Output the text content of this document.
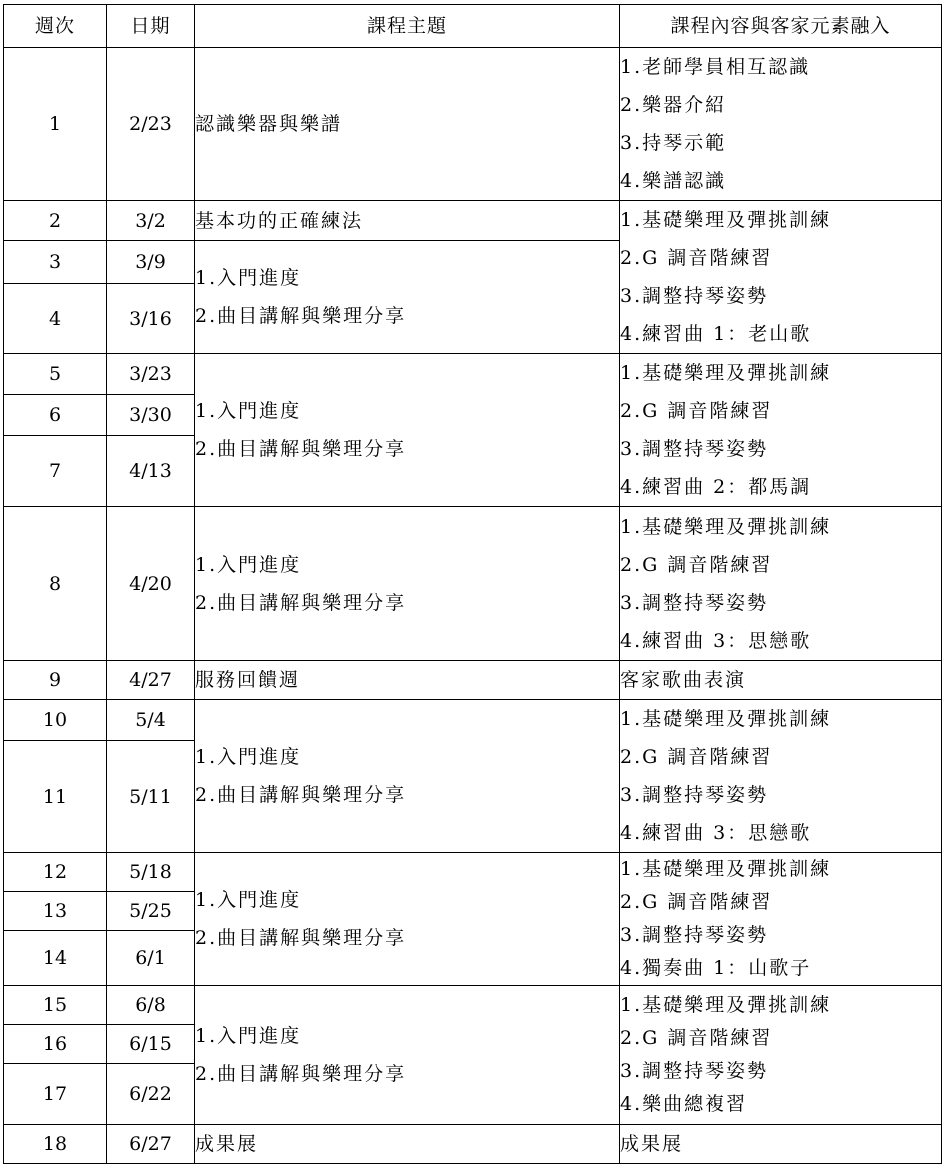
週次	日期	課程主題	課程內容與客家元素融入
1	2/23	認識樂器與樂譜	1.老師學員相互認識
2.樂器介紹
3.持琴示範
4.樂譜認識

2	3/2	基本功的正確練法	1.基礎樂理及彈挑訓練
2.G 調音階練習
3.調整持琴姿勢
4.練習曲 1：老山歌

3	3/9	1.入門進度
2.曲目講解與樂理分享	

4	3/16		
5	3/23	1.入門進度
2.曲目講解與樂理分享	1.基礎樂理及彈挑訓練
2.G 調音階練習
3.調整持琴姿勢
4.練習曲 2：都馬調

6	3/30		
7	4/13		
8	4/20	1.入門進度
2.曲目講解與樂理分享	1.基礎樂理及彈挑訓練
2.G 調音階練習
3.調整持琴姿勢
4.練習曲 3：思戀歌

9	4/27	服務回饋週	客家歌曲表演

10	5/4	1.入門進度
2.曲目講解與樂理分享	1.基礎樂理及彈挑訓練
2.G 調音階練習
3.調整持琴姿勢
4.練習曲 3：思戀歌

11	5/11		
12	5/18	1.入門進度
2.曲目講解與樂理分享	1.基礎樂理及彈挑訓練
2.G 調音階練習
3.調整持琴姿勢
4.獨奏曲 1：山歌子

13	5/25		
14	6/1		
15	6/8	1.入門進度
2.曲目講解與樂理分享	1.基礎樂理及彈挑訓練
2.G 調音階練習
3.調整持琴姿勢
4.樂曲總複習

16	6/15		
17	6/22		
18	6/27	成果展	成果展
